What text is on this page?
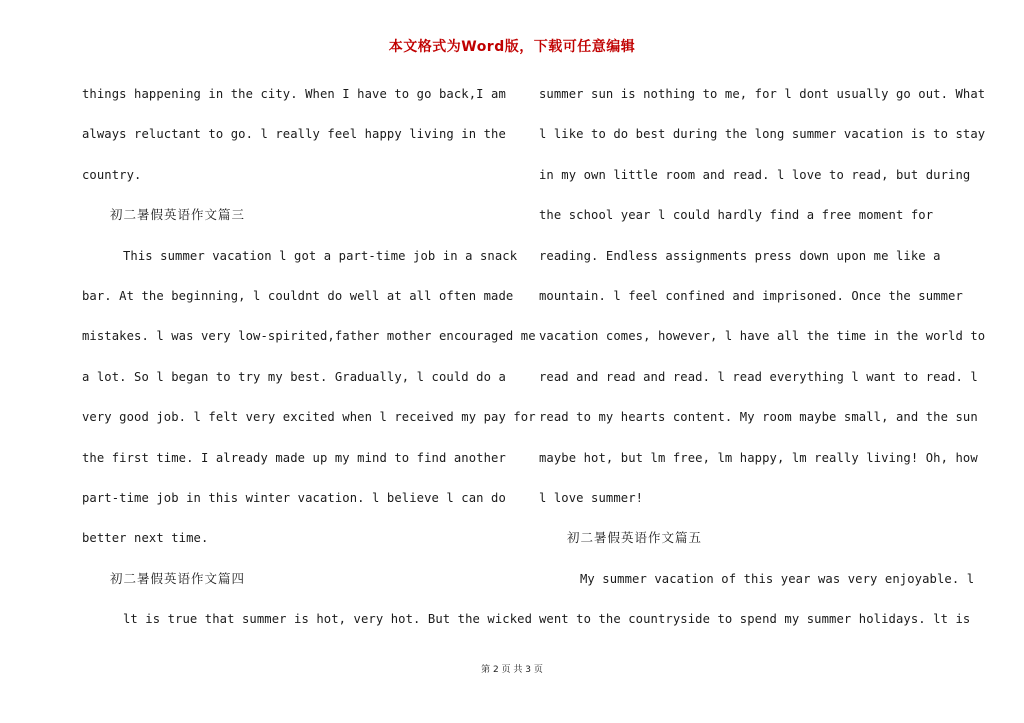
本文格式为Word版，下载可任意编辑
things happening in the city. When I have to go back,I am
always reluctant to go. l really feel happy living in the
country.
初二暑假英语作文篇三
This summer vacation l got a part-time job in a snack
bar. At the beginning, l couldnt do well at all often made
mistakes. l was very low-spirited,father mother encouraged me
a lot. So l began to try my best. Gradually, l could do a
very good job. l felt very excited when l received my pay for
the first time. I already made up my mind to find another
part-time job in this winter vacation. l believe l can do
better next time.
初二暑假英语作文篇四
lt is true that summer is hot, very hot. But the wicked
summer sun is nothing to me, for l dont usually go out. What
l like to do best during the long summer vacation is to stay
in my own little room and read. l love to read, but during
the school year l could hardly find a free moment for
reading. Endless assignments press down upon me like a
mountain. l feel confined and imprisoned. Once the summer
vacation comes, however, l have all the time in the world to
read and read and read. l read everything l want to read. l
read to my hearts content. My room maybe small, and the sun
maybe hot, but lm free, lm happy, lm really living! Oh, how
l love summer!
初二暑假英语作文篇五
My summer vacation of this year was very enjoyable. l
went to the countryside to spend my summer holidays. lt is
第 2 页 共 3 页
